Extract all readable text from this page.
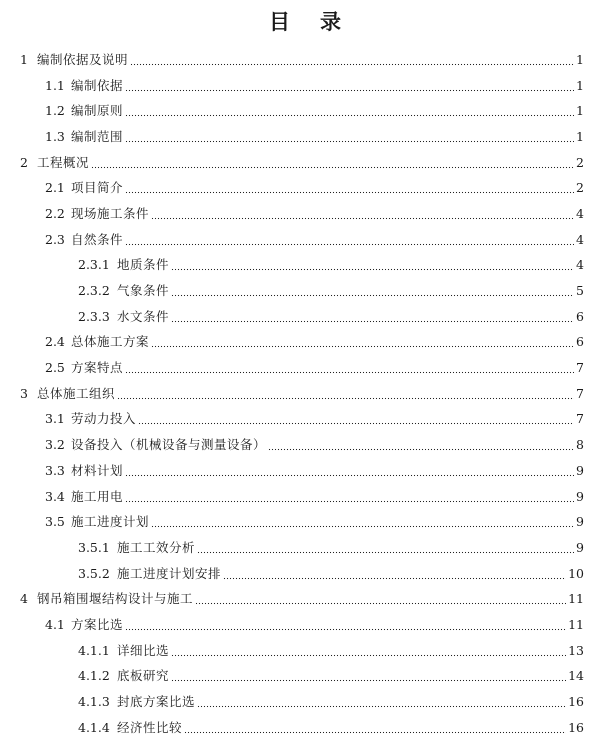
目 录
1 编制依据及说明	1
1.1 编制依据	1
1.2 编制原则	1
1.3 编制范围	1
2 工程概况	2
2.1 项目简介	2
2.2 现场施工条件	4
2.3 自然条件	4
2.3.1 地质条件	4
2.3.2 气象条件	5
2.3.3 水文条件	6
2.4 总体施工方案	6
2.5 方案特点	7
3 总体施工组织	7
3.1 劳动力投入	7
3.2 设备投入（机械设备与测量设备）	8
3.3 材料计划	9
3.4 施工用电	9
3.5 施工进度计划	9
3.5.1 施工工效分析	9
3.5.2 施工进度计划安排	10
4 钢吊箱围堰结构设计与施工	11
4.1 方案比选	11
4.1.1 详细比选	13
4.1.2 底板研究	14
4.1.3 封底方案比选	16
4.1.4 经济性比较	16
